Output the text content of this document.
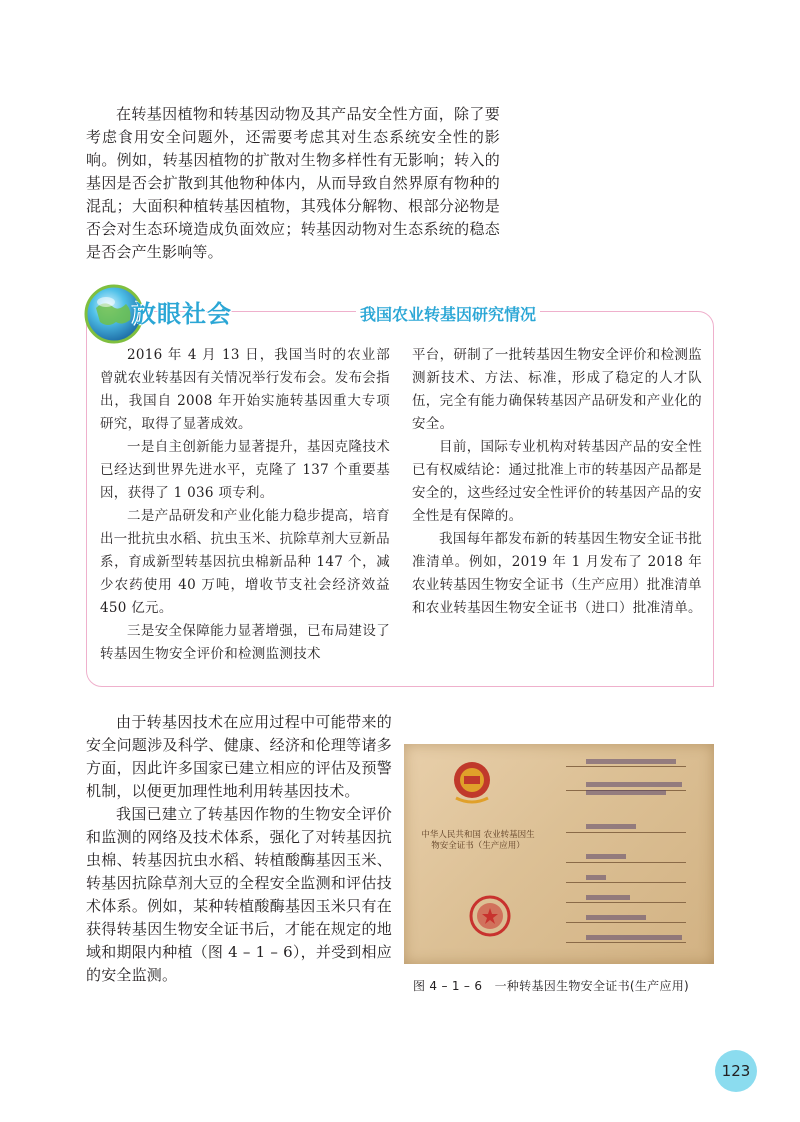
在转基因植物和转基因动物及其产品安全性方面，除了要考虑食用安全问题外，还需要考虑其对生态系统安全性的影响。例如，转基因植物的扩散对生物多样性有无影响；转入的基因是否会扩散到其他物种体内，从而导致自然界原有物种的混乱；大面积种植转基因植物，其残体分解物、根部分泌物是否会对生态环境造成负面效应；转基因动物对生态系统的稳态是否会产生影响等。

放眼社会	我国农业转基因研究情况

2016 年 4 月 13 日，我国当时的农业部曾就农业转基因有关情况举行发布会。发布会指出，我国自 2008 年开始实施转基因重大专项研究，取得了显著成效。

一是自主创新能力显著提升，基因克隆技术已经达到世界先进水平，克隆了 137 个重要基因，获得了 1 036 项专利。

二是产品研发和产业化能力稳步提高，培育出一批抗虫水稻、抗虫玉米、抗除草剂大豆新品系，育成新型转基因抗虫棉新品种 147 个，减少农药使用 40 万吨，增收节支社会经济效益 450 亿元。

三是安全保障能力显著增强，已布局建设了转基因生物安全评价和检测监测技术

平台，研制了一批转基因生物安全评价和检测监测新技术、方法、标准，形成了稳定的人才队伍，完全有能力确保转基因产品研发和产业化的安全。

目前，国际专业机构对转基因产品的安全性已有权威结论：通过批准上市的转基因产品都是安全的，这些经过安全性评价的转基因产品的安全性是有保障的。

我国每年都发布新的转基因生物安全证书批准清单。例如，2019 年 1 月发布了 2018 年农业转基因生物安全证书（生产应用）批准清单和农业转基因生物安全证书（进口）批准清单。

由于转基因技术在应用过程中可能带来的安全问题涉及科学、健康、经济和伦理等诸多方面，因此许多国家已建立相应的评估及预警机制，以便更加理性地利用转基因技术。

我国已建立了转基因作物的生物安全评价和监测的网络及技术体系，强化了对转基因抗虫棉、转基因抗虫水稻、转植酸酶基因玉米、转基因抗除草剂大豆的全程安全监测和评估技术体系。例如，某种转植酸酶基因玉米只有在获得转基因生物安全证书后，才能在规定的地域和期限内种植（图 4 – 1 – 6），并受到相应的安全监测。

中华人民共和国 农业转基因生物安全证书（生产应用）
图 4 – 1 – 6　一种转基因生物安全证书(生产应用)
123
